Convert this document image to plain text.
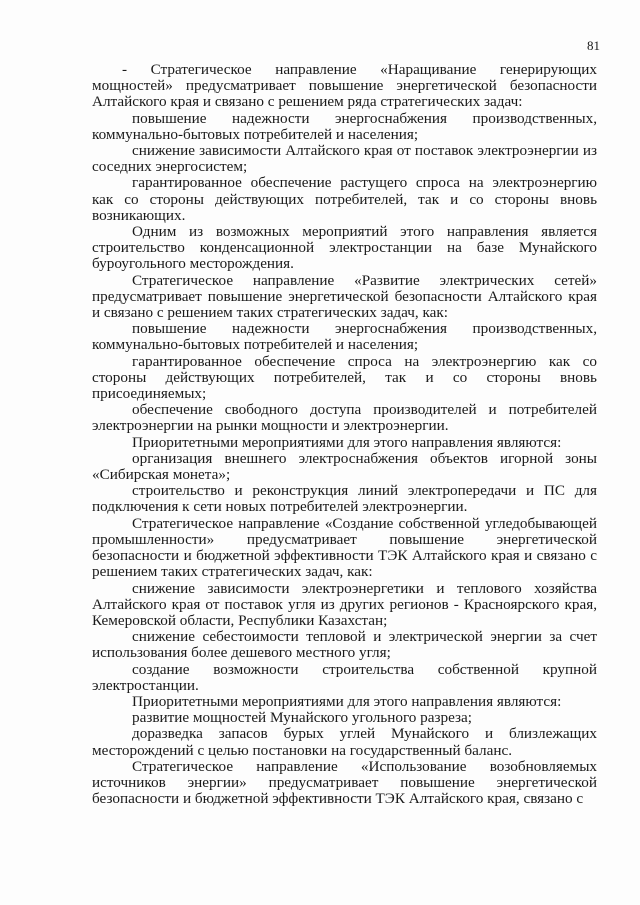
81

- Стратегическое направление «Наращивание генерирующих мощностей» предусматривает повышение энергетической безопасности Алтайского края и связано с решением ряда стратегических задач:

повышение надежности энергоснабжения производственных, коммунально-бытовых потребителей и населения;

снижение зависимости Алтайского края от поставок электроэнергии из соседних энергосистем;

гарантированное обеспечение растущего спроса на электроэнергию как со стороны действующих потребителей, так и со стороны вновь возникающих.

Одним из возможных мероприятий этого направления является строительство конденсационной электростанции на базе Мунайского буроугольного месторождения.

Стратегическое направление «Развитие электрических сетей» предусматривает повышение энергетической безопасности Алтайского края и связано с решением таких стратегических задач, как:

повышение надежности энергоснабжения производственных, коммунально-бытовых потребителей и населения;

гарантированное обеспечение спроса на электроэнергию как со стороны действующих потребителей, так и со стороны вновь присоединяемых;

обеспечение свободного доступа производителей и потребителей электроэнергии на рынки мощности и электроэнергии.

Приоритетными мероприятиями для этого направления являются:

организация внешнего электроснабжения объектов игорной зоны «Сибирская монета»;

строительство и реконструкция линий электропередачи и ПС для подключения к сети новых потребителей электроэнергии.

Стратегическое направление «Создание собственной угледобывающей промышленности» предусматривает повышение энергетической безопасности и бюджетной эффективности ТЭК Алтайского края и связано с решением таких стратегических задач, как:

снижение зависимости электроэнергетики и теплового хозяйства Алтайского края от поставок угля из других регионов - Красноярского края, Кемеровской области, Республики Казахстан;

снижение себестоимости тепловой и электрической энергии за счет использования более дешевого местного угля;

создание возможности строительства собственной крупной электростанции.

Приоритетными мероприятиями для этого направления являются:

развитие мощностей Мунайского угольного разреза;

доразведка запасов бурых углей Мунайского и близлежащих месторождений с целью постановки на государственный баланс.

Стратегическое направление «Использование возобновляемых источников энергии» предусматривает повышение энергетической безопасности и бюджетной эффективности ТЭК Алтайского края, связано с
